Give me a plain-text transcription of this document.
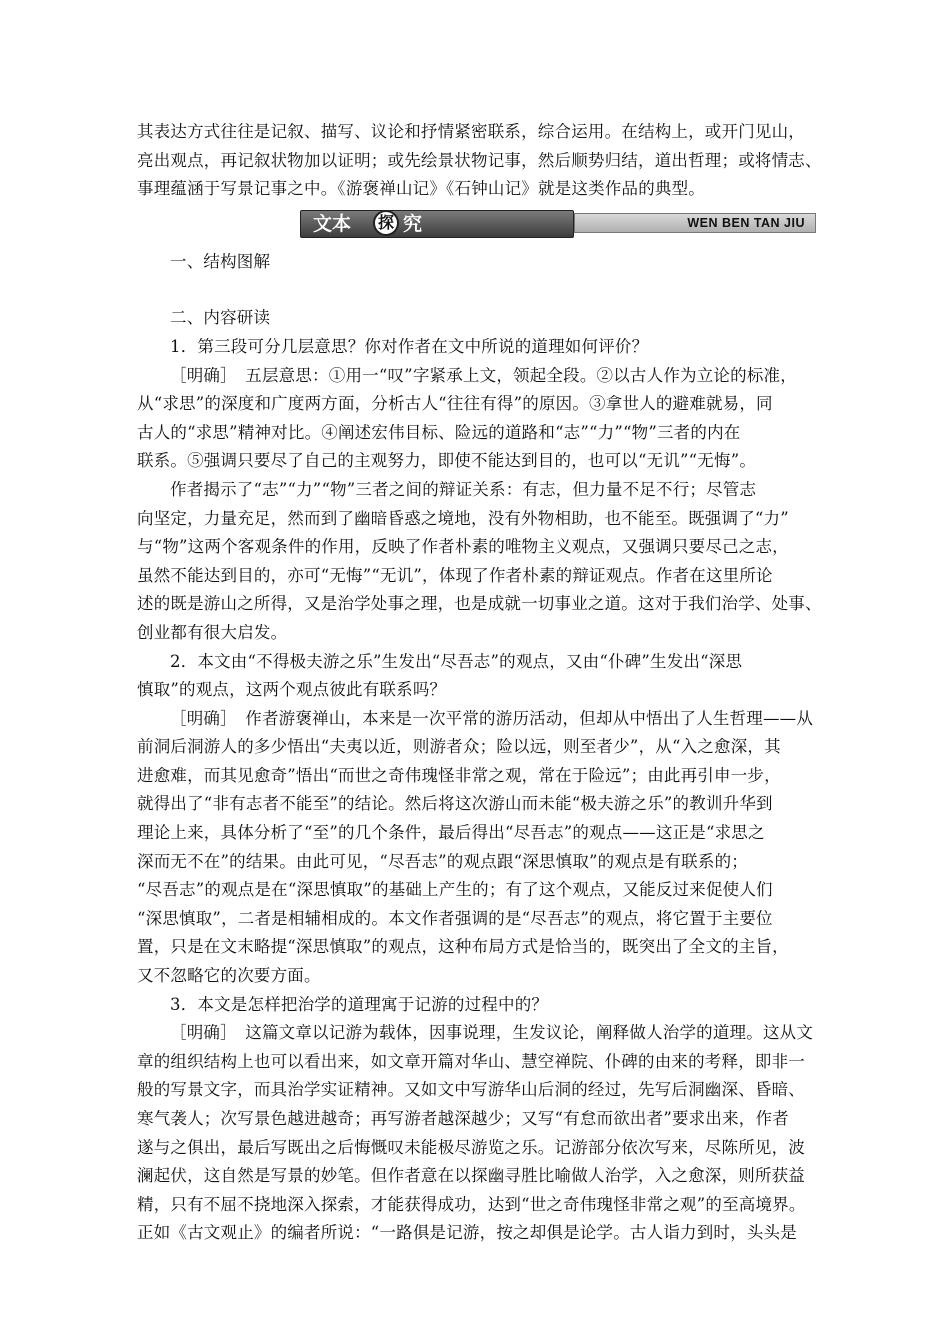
其表达方式往往是记叙、描写、议论和抒情紧密联系，综合运用。在结构上，或开门见山，
亮出观点，再记叙状物加以证明；或先绘景状物记事，然后顺势归结，道出哲理；或将情志、
事理蕴涵于写景记事之中。《游褒禅山记》《石钟山记》就是这类作品的典型。
文本	探 究	WEN BEN TAN JIU
一、结构图解
二、内容研读
1．第三段可分几层意思？你对作者在文中所说的道理如何评价？
［明确］　五层意思：①用一“叹”字紧承上文，领起全段。②以古人作为立论的标准，
从“求思”的深度和广度两方面，分析古人“往往有得”的原因。③拿世人的避难就易，同
古人的“求思”精神对比。④阐述宏伟目标、险远的道路和“志”“力”“物”三者的内在
联系。⑤强调只要尽了自己的主观努力，即使不能达到目的，也可以“无讥”“无悔”。
作者揭示了“志”“力”“物”三者之间的辩证关系：有志，但力量不足不行；尽管志
向坚定，力量充足，然而到了幽暗昏惑之境地，没有外物相助，也不能至。既强调了“力”
与“物”这两个客观条件的作用，反映了作者朴素的唯物主义观点，又强调只要尽己之志，
虽然不能达到目的，亦可“无悔”“无讥”，体现了作者朴素的辩证观点。作者在这里所论
述的既是游山之所得，又是治学处事之理，也是成就一切事业之道。这对于我们治学、处事、
创业都有很大启发。
2．本文由“不得极夫游之乐”生发出“尽吾志”的观点，又由“仆碑”生发出“深思
慎取”的观点，这两个观点彼此有联系吗？
［明确］　作者游褒禅山，本来是一次平常的游历活动，但却从中悟出了人生哲理——从
前洞后洞游人的多少悟出“夫夷以近，则游者众；险以远，则至者少”，从“入之愈深，其
进愈难，而其见愈奇”悟出“而世之奇伟瑰怪非常之观，常在于险远”；由此再引申一步，
就得出了“非有志者不能至”的结论。然后将这次游山而未能“极夫游之乐”的教训升华到
理论上来，具体分析了“至”的几个条件，最后得出“尽吾志”的观点——这正是“求思之
深而无不在”的结果。由此可见，“尽吾志”的观点跟“深思慎取”的观点是有联系的；
“尽吾志”的观点是在“深思慎取”的基础上产生的；有了这个观点，又能反过来促使人们
“深思慎取”，二者是相辅相成的。本文作者强调的是“尽吾志”的观点，将它置于主要位
置，只是在文末略提“深思慎取”的观点，这种布局方式是恰当的，既突出了全文的主旨，
又不忽略它的次要方面。
3．本文是怎样把治学的道理寓于记游的过程中的？
［明确］　这篇文章以记游为载体，因事说理，生发议论，阐释做人治学的道理。这从文
章的组织结构上也可以看出来，如文章开篇对华山、慧空禅院、仆碑的由来的考释，即非一
般的写景文字，而具治学实证精神。又如文中写游华山后洞的经过，先写后洞幽深、昏暗、
寒气袭人；次写景色越进越奇；再写游者越深越少；又写“有怠而欲出者”要求出来，作者
遂与之俱出，最后写既出之后悔慨叹未能极尽游览之乐。记游部分依次写来，尽陈所见，波
澜起伏，这自然是写景的妙笔。但作者意在以探幽寻胜比喻做人治学，入之愈深，则所获益
精，只有不屈不挠地深入探索，才能获得成功，达到“世之奇伟瑰怪非常之观”的至高境界。
正如《古文观止》的编者所说：“一路俱是记游，按之却俱是论学。古人诣力到时，头头是
